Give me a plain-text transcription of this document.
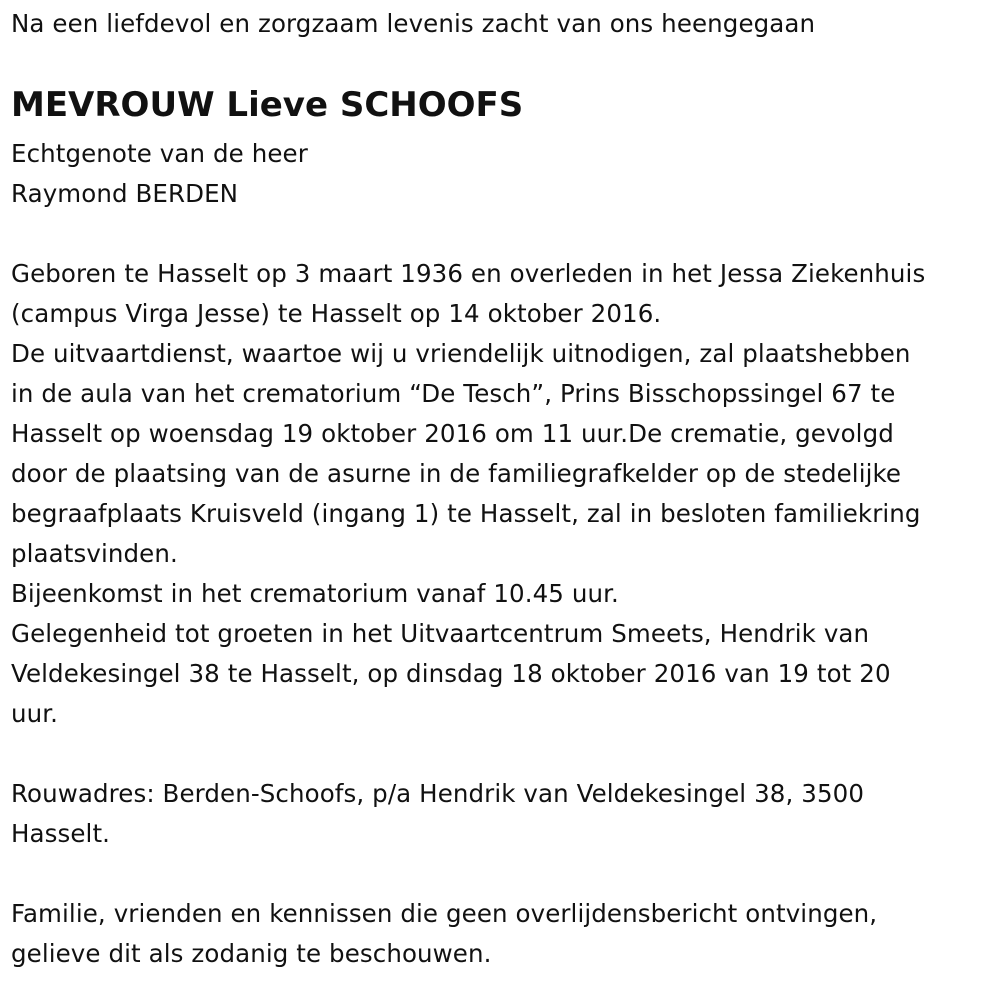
Na een liefdevol en zorgzaam levenis zacht van ons heengegaan
MEVROUW Lieve SCHOOFS
Echtgenote van de heer
Raymond BERDEN
Geboren te Hasselt op 3 maart 1936 en overleden in het Jessa Ziekenhuis
(campus Virga Jesse) te Hasselt op 14 oktober 2016.
De uitvaartdienst, waartoe wij u vriendelijk uitnodigen, zal plaatshebben
in de aula van het crematorium “De Tesch”, Prins Bisschopssingel 67 te
Hasselt op woensdag 19 oktober 2016 om 11 uur.De crematie, gevolgd
door de plaatsing van de asurne in de familiegrafkelder op de stedelijke
begraafplaats Kruisveld (ingang 1) te Hasselt, zal in besloten familiekring
plaatsvinden.
Bijeenkomst in het crematorium vanaf 10.45 uur.
Gelegenheid tot groeten in het Uitvaartcentrum Smeets, Hendrik van
Veldekesingel 38 te Hasselt, op dinsdag 18 oktober 2016 van 19 tot 20
uur.
Rouwadres: Berden-Schoofs, p/a Hendrik van Veldekesingel 38, 3500
Hasselt.
Familie, vrienden en kennissen die geen overlijdensbericht ontvingen,
gelieve dit als zodanig te beschouwen.
